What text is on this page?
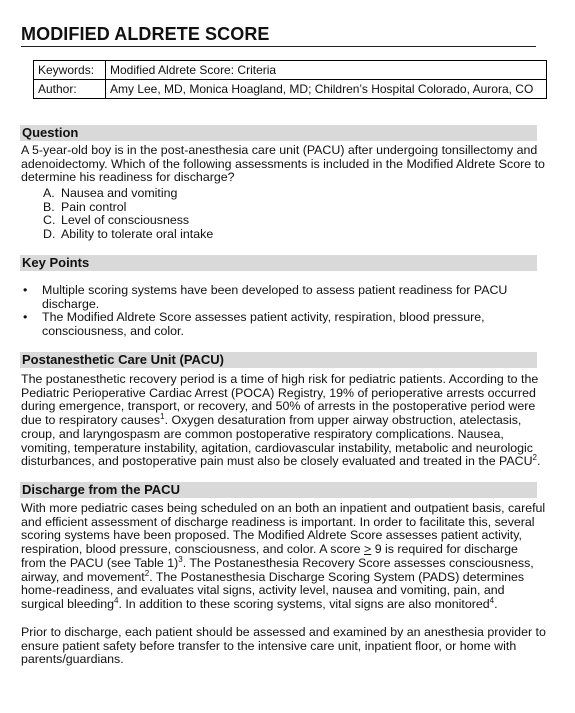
MODIFIED ALDRETE SCORE
Keywords:	Modified Aldrete Score: Criteria
Author:	Amy Lee, MD, Monica Hoagland, MD; Children’s Hospital Colorado, Aurora, CO
Question

A 5-year-old boy is in the post-anesthesia care unit (PACU) after undergoing tonsillectomy and adenoidectomy. Which of the following assessments is included in the Modified Aldrete Score to determine his readiness for discharge?

A. Nausea and vomiting
B. Pain control
C. Level of consciousness
D. Ability to tolerate oral intake
Key Points
• Multiple scoring systems have been developed to assess patient readiness for PACU discharge.
• The Modified Aldrete Score assesses patient activity, respiration, blood pressure, consciousness, and color.
Postanesthetic Care Unit (PACU)

The postanesthetic recovery period is a time of high risk for pediatric patients. According to the Pediatric Perioperative Cardiac Arrest (POCA) Registry, 19% of perioperative arrests occurred during emergence, transport, or recovery, and 50% of arrests in the postoperative period were due to respiratory causes$^1$. Oxygen desaturation from upper airway obstruction, atelectasis, croup, and laryngospasm are common postoperative respiratory complications. Nausea, vomiting, temperature instability, agitation, cardiovascular instability, metabolic and neurologic disturbances, and postoperative pain must also be closely evaluated and treated in the PACU$^2$.

Discharge from the PACU

With more pediatric cases being scheduled on an both an inpatient and outpatient basis, careful and efficient assessment of discharge readiness is important. In order to facilitate this, several scoring systems have been proposed. The Modified Aldrete Score assesses patient activity, respiration, blood pressure, consciousness, and color. A score > 9 is required for discharge from the PACU (see Table 1)$^3$. The Postanesthesia Recovery Score assesses consciousness, airway, and movement$^2$. The Postanesthesia Discharge Scoring System (PADS) determines home-readiness, and evaluates vital signs, activity level, nausea and vomiting, pain, and surgical bleeding$^4$. In addition to these scoring systems, vital signs are also monitored$^4$.

Prior to discharge, each patient should be assessed and examined by an anesthesia provider to ensure patient safety before transfer to the intensive care unit, inpatient floor, or home with parents/guardians.
